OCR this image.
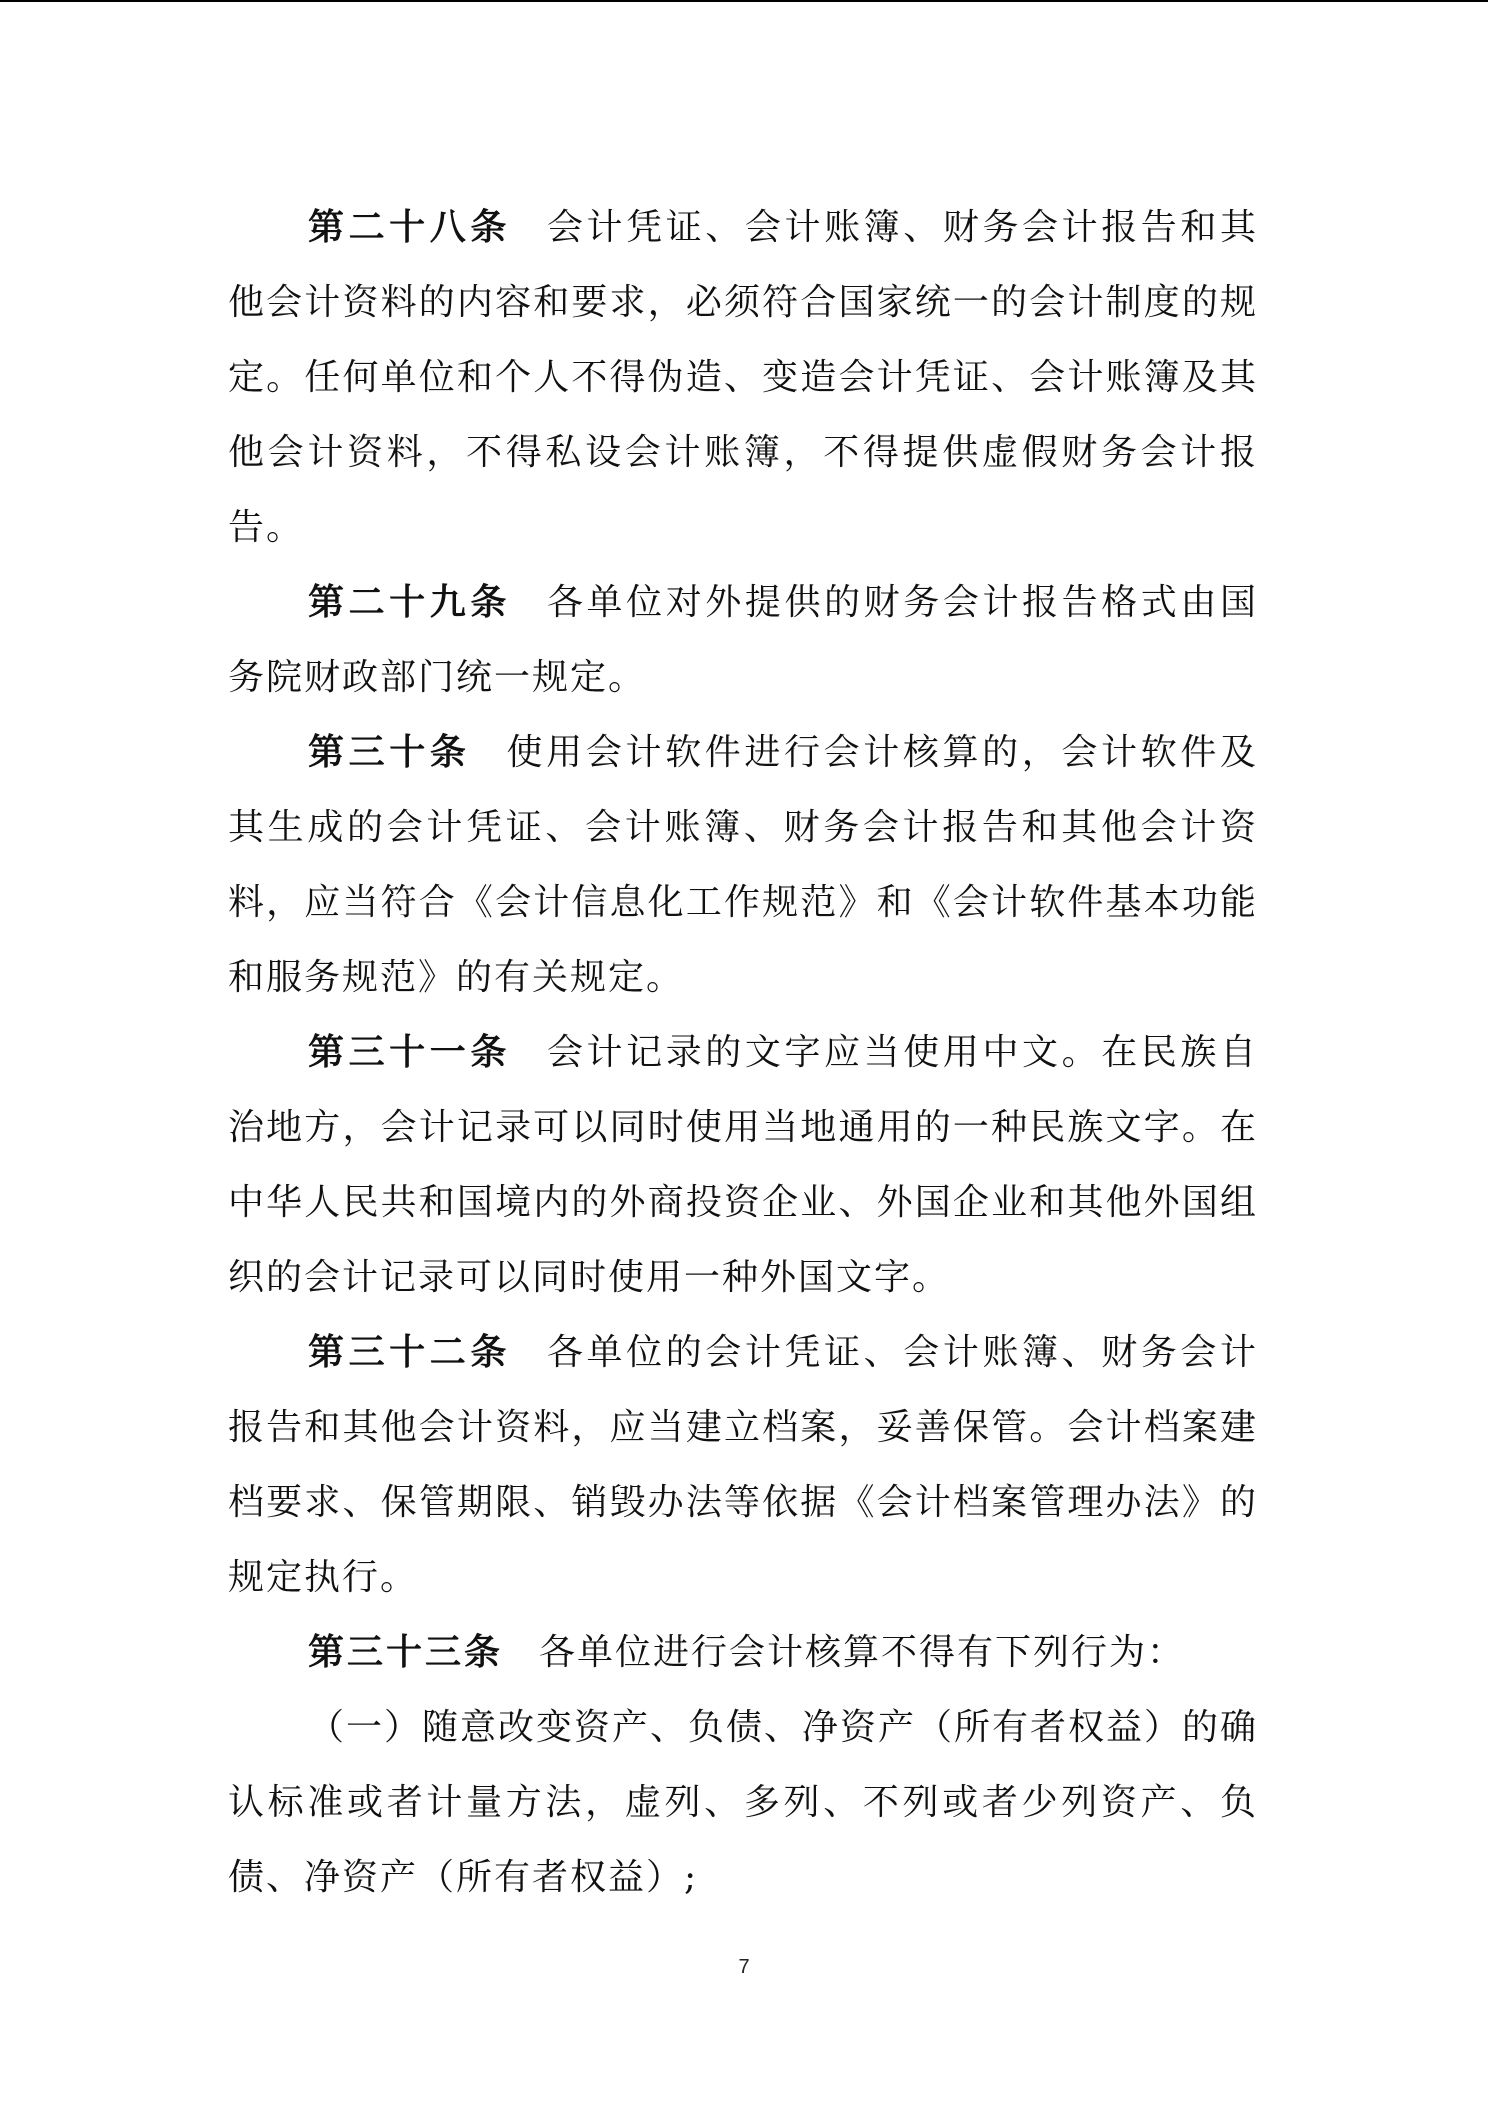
第二十八条 会计凭证、会计账簿、财务会计报告和其他会计资料的内容和要求，必须符合国家统一的会计制度的规定。任何单位和个人不得伪造、变造会计凭证、会计账簿及其他会计资料，不得私设会计账簿，不得提供虚假财务会计报告。

第二十九条 各单位对外提供的财务会计报告格式由国务院财政部门统一规定。

第三十条 使用会计软件进行会计核算的，会计软件及其生成的会计凭证、会计账簿、财务会计报告和其他会计资料，应当符合《会计信息化工作规范》和《会计软件基本功能和服务规范》的有关规定。

第三十一条 会计记录的文字应当使用中文。在民族自治地方，会计记录可以同时使用当地通用的一种民族文字。在中华人民共和国境内的外商投资企业、外国企业和其他外国组织的会计记录可以同时使用一种外国文字。

第三十二条 各单位的会计凭证、会计账簿、财务会计报告和其他会计资料，应当建立档案，妥善保管。会计档案建档要求、保管期限、销毁办法等依据《会计档案管理办法》的规定执行。

第三十三条 各单位进行会计核算不得有下列行为：

（一）随意改变资产、负债、净资产（所有者权益）的确认标准或者计量方法，虚列、多列、不列或者少列资产、负债、净资产（所有者权益）;

7
